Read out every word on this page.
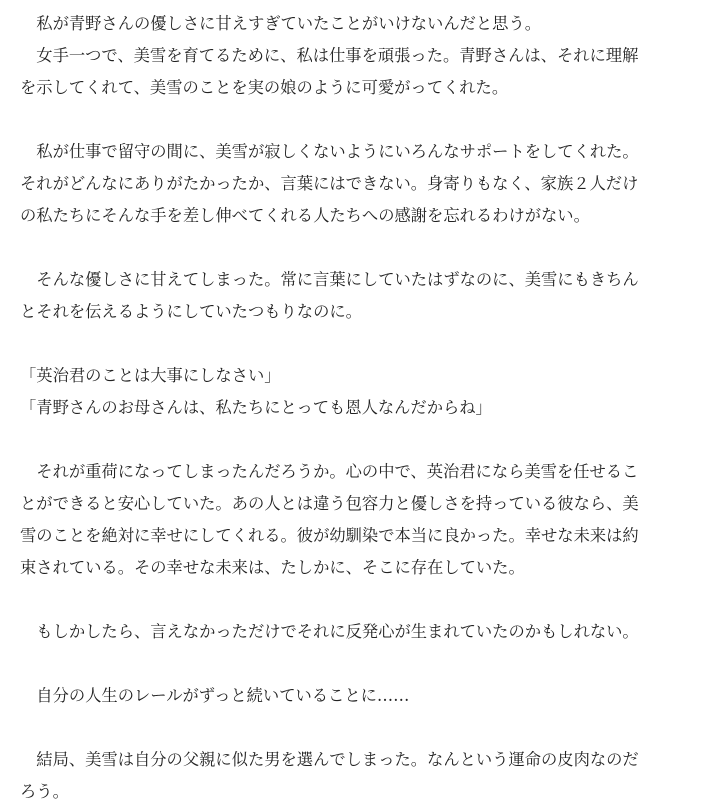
　私が青野さんの優しさに甘えすぎていたことがいけないんだと思う。
　女手一つで、美雪を育てるために、私は仕事を頑張った。青野さんは、それに理解
を示してくれて、美雪のことを実の娘のように可愛がってくれた。
　私が仕事で留守の間に、美雪が寂しくないようにいろんなサポートをしてくれた。
それがどんなにありがたかったか、言葉にはできない。身寄りもなく、家族２人だけ
の私たちにそんな手を差し伸べてくれる人たちへの感謝を忘れるわけがない。
　そんな優しさに甘えてしまった。常に言葉にしていたはずなのに、美雪にもきちん
とそれを伝えるようにしていたつもりなのに。
「英治君のことは大事にしなさい」
「青野さんのお母さんは、私たちにとっても恩人なんだからね」
　それが重荷になってしまったんだろうか。心の中で、英治君になら美雪を任せるこ
とができると安心していた。あの人とは違う包容力と優しさを持っている彼なら、美
雪のことを絶対に幸せにしてくれる。彼が幼馴染で本当に良かった。幸せな未来は約
束されている。その幸せな未来は、たしかに、そこに存在していた。
　もしかしたら、言えなかっただけでそれに反発心が生まれていたのかもしれない。
　自分の人生のレールがずっと続いていることに……
　結局、美雪は自分の父親に似た男を選んでしまった。なんという運命の皮肉なのだ
ろう。
